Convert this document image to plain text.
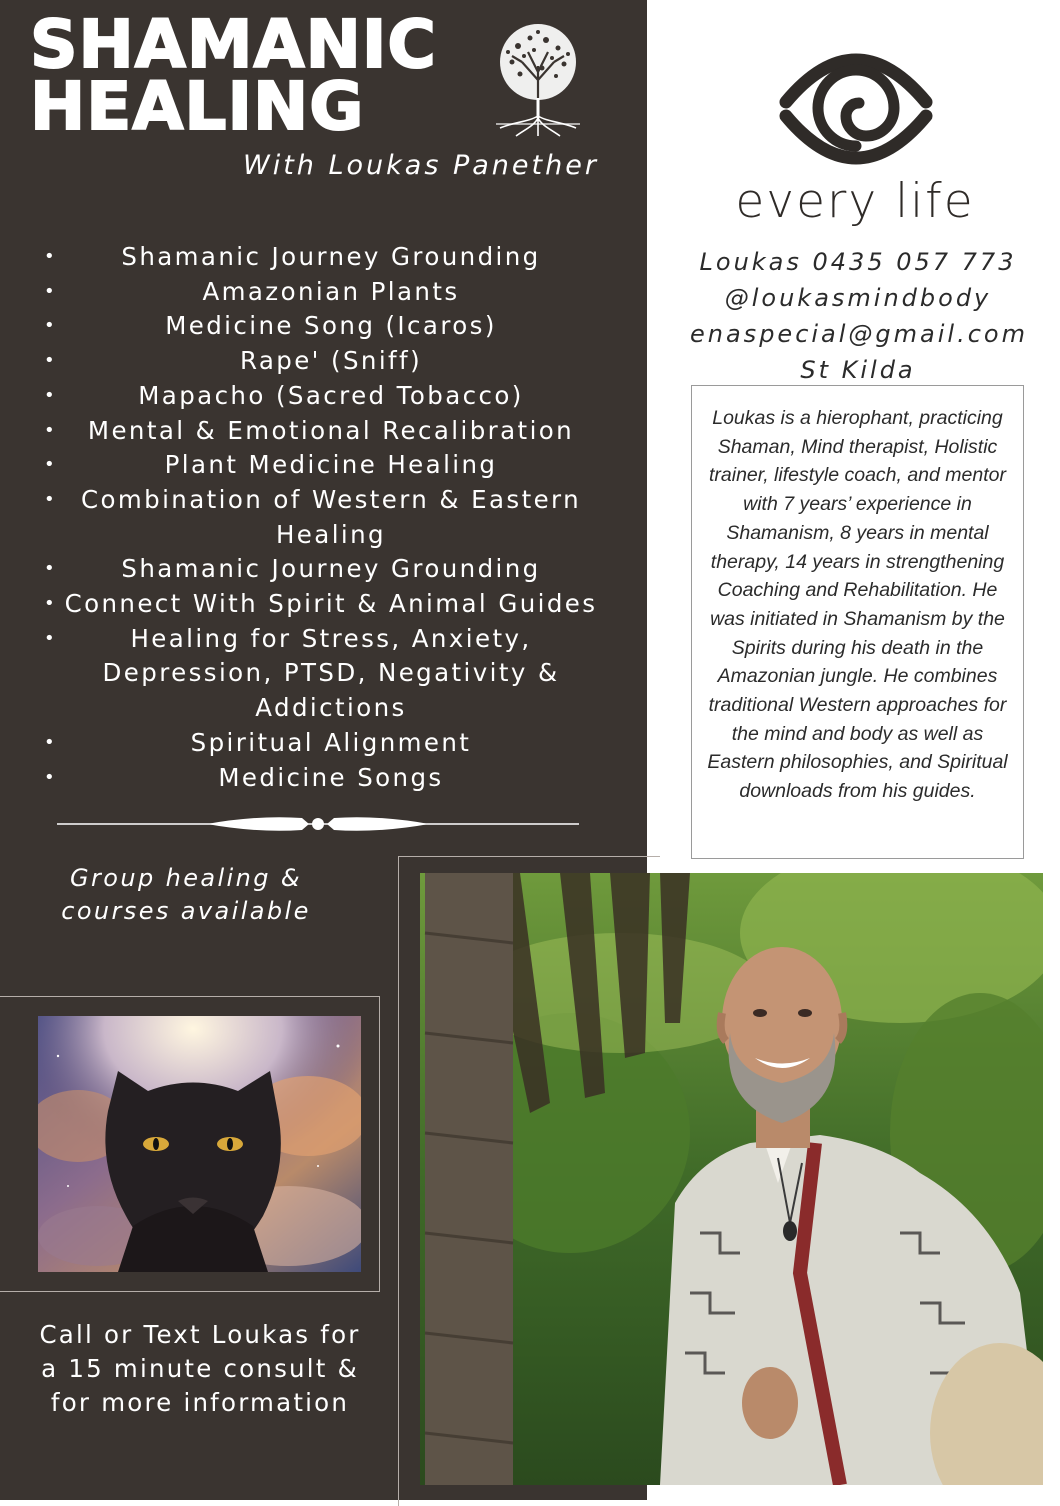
SHAMANIC
HEALING
With Loukas Panether
• Shamanic Journey Grounding
• Amazonian Plants
• Medicine Song (Icaros)
• Rape' (Sniff)
• Mapacho (Sacred Tobacco)
• Mental & Emotional Recalibration
• Plant Medicine Healing
• Combination of Western & Eastern Healing
• Shamanic Journey Grounding
• Connect With Spirit & Animal Guides
• Healing for Stress, Anxiety, Depression, PTSD, Negativity & Addictions
• Spiritual Alignment
• Medicine Songs
Group healing & courses available
Call or Text Loukas for a 15 minute consult & for more information
every life
Loukas 0435 057 773
@loukasmindbody
enaspecial@gmail.com
St Kilda

Loukas is a hierophant, practicing Shaman, Mind therapist, Holistic trainer, lifestyle coach, and mentor with 7 years’ experience in Shamanism, 8 years in mental therapy, 14 years in strengthening Coaching and Rehabilitation. He was initiated in Shamanism by the Spirits during his death in the Amazonian jungle. He combines traditional Western approaches for the mind and body as well as Eastern philosophies, and Spiritual downloads from his guides.
